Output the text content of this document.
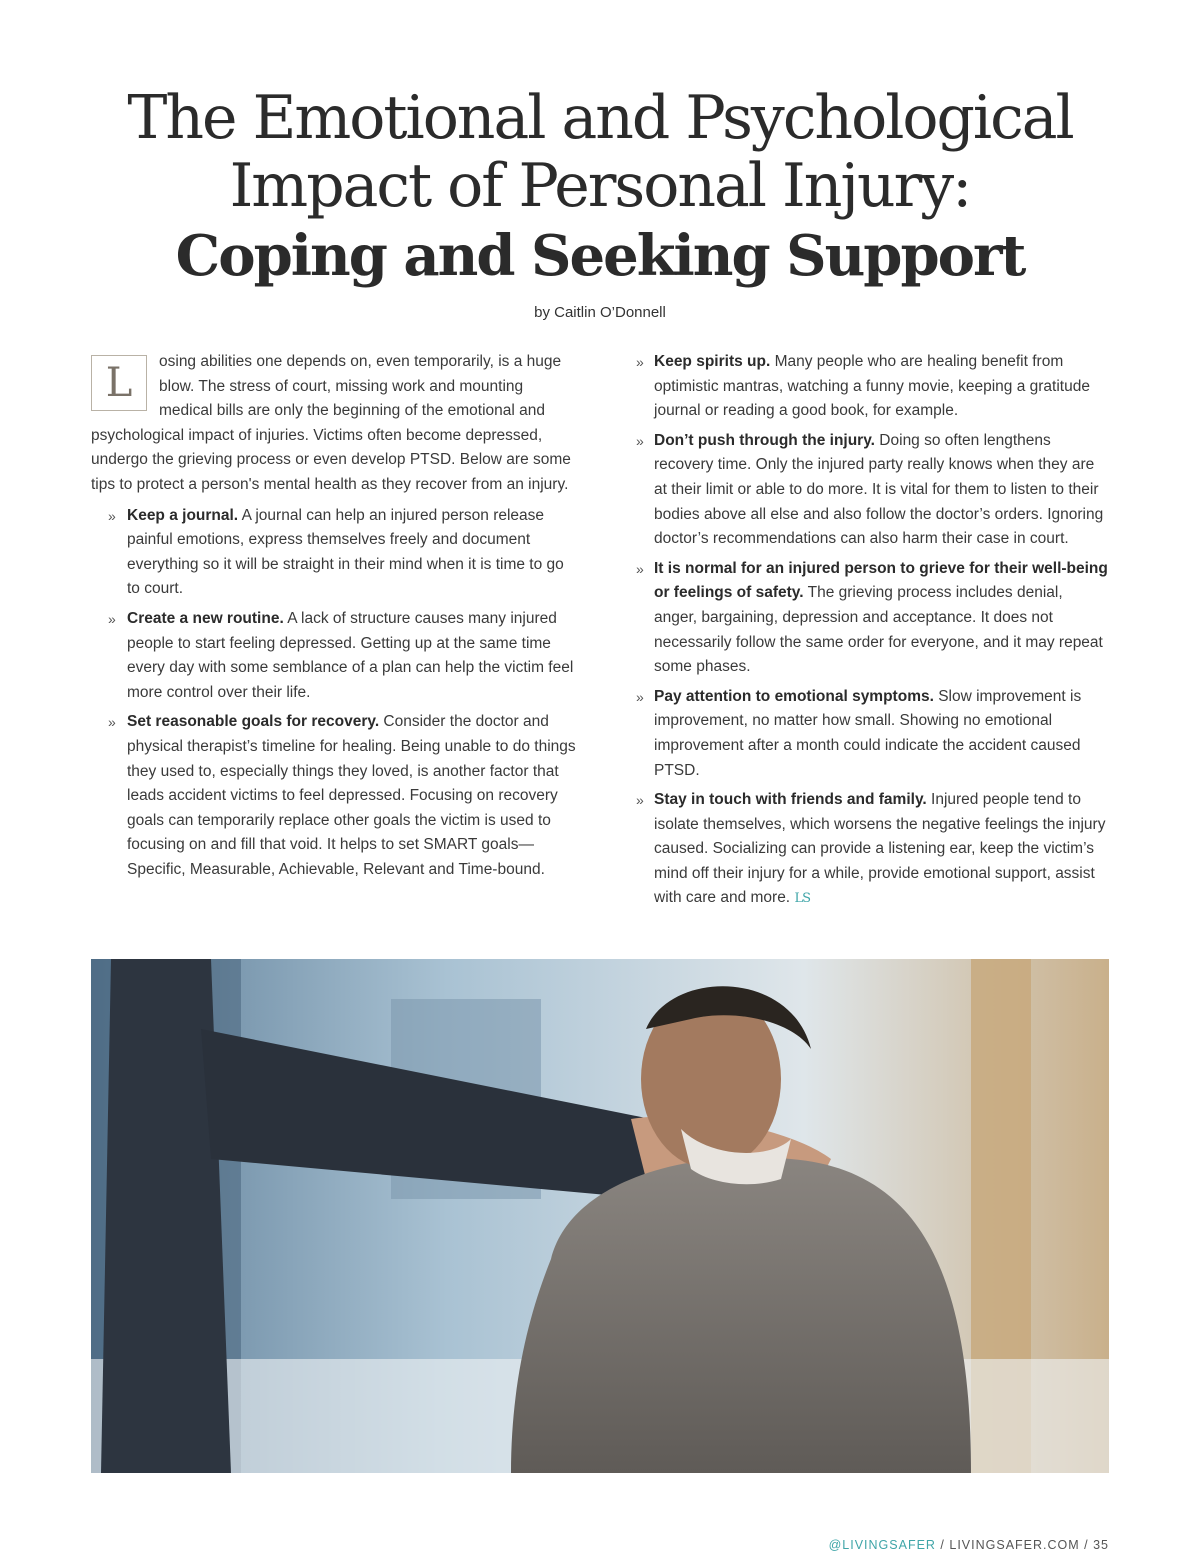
The Emotional and Psychological
Impact of Personal Injury:
Coping and Seeking Support
by Caitlin O’Donnell

L	osing abilities one depends on, even temporarily, is a huge blow. The stress of court, missing work and mounting medical bills are only the beginning of the emotional and psychological impact of injuries. Victims often become depressed, undergo the grieving process or even develop PTSD. Below are some tips to protect a person's mental health as they recover from an injury.

» Keep a journal. A journal can help an injured person release painful emotions, express themselves freely and document everything so it will be straight in their mind when it is time to go to court.
» Create a new routine. A lack of structure causes many injured people to start feeling depressed. Getting up at the same time every day with some semblance of a plan can help the victim feel more control over their life.
» Set reasonable goals for recovery. Consider the doctor and physical therapist’s timeline for healing. Being unable to do things they used to, especially things they loved, is another factor that leads accident victims to feel depressed. Focusing on recovery goals can temporarily replace other goals the victim is used to focusing on and fill that void. It helps to set SMART goals—Specific, Measurable, Achievable, Relevant and Time-bound.
» Keep spirits up. Many people who are healing benefit from optimistic mantras, watching a funny movie, keeping a gratitude journal or reading a good book, for example.
» Don’t push through the injury. Doing so often lengthens recovery time. Only the injured party really knows when they are at their limit or able to do more. It is vital for them to listen to their bodies above all else and also follow the doctor’s orders. Ignoring doctor’s recommendations can also harm their case in court.
» It is normal for an injured person to grieve for their well-being or feelings of safety. The grieving process includes denial, anger, bargaining, depression and acceptance. It does not necessarily follow the same order for everyone, and it may repeat some phases.
» Pay attention to emotional symptoms. Slow improvement is improvement, no matter how small. Showing no emotional improvement after a month could indicate the accident caused PTSD.
» Stay in touch with friends and family. Injured people tend to isolate themselves, which worsens the negative feelings the injury caused. Socializing can provide a listening ear, keep the victim’s mind off their injury for a while, provide emotional support, assist with care and more. LS
@LIVINGSAFER / LIVINGSAFER.COM / 35
